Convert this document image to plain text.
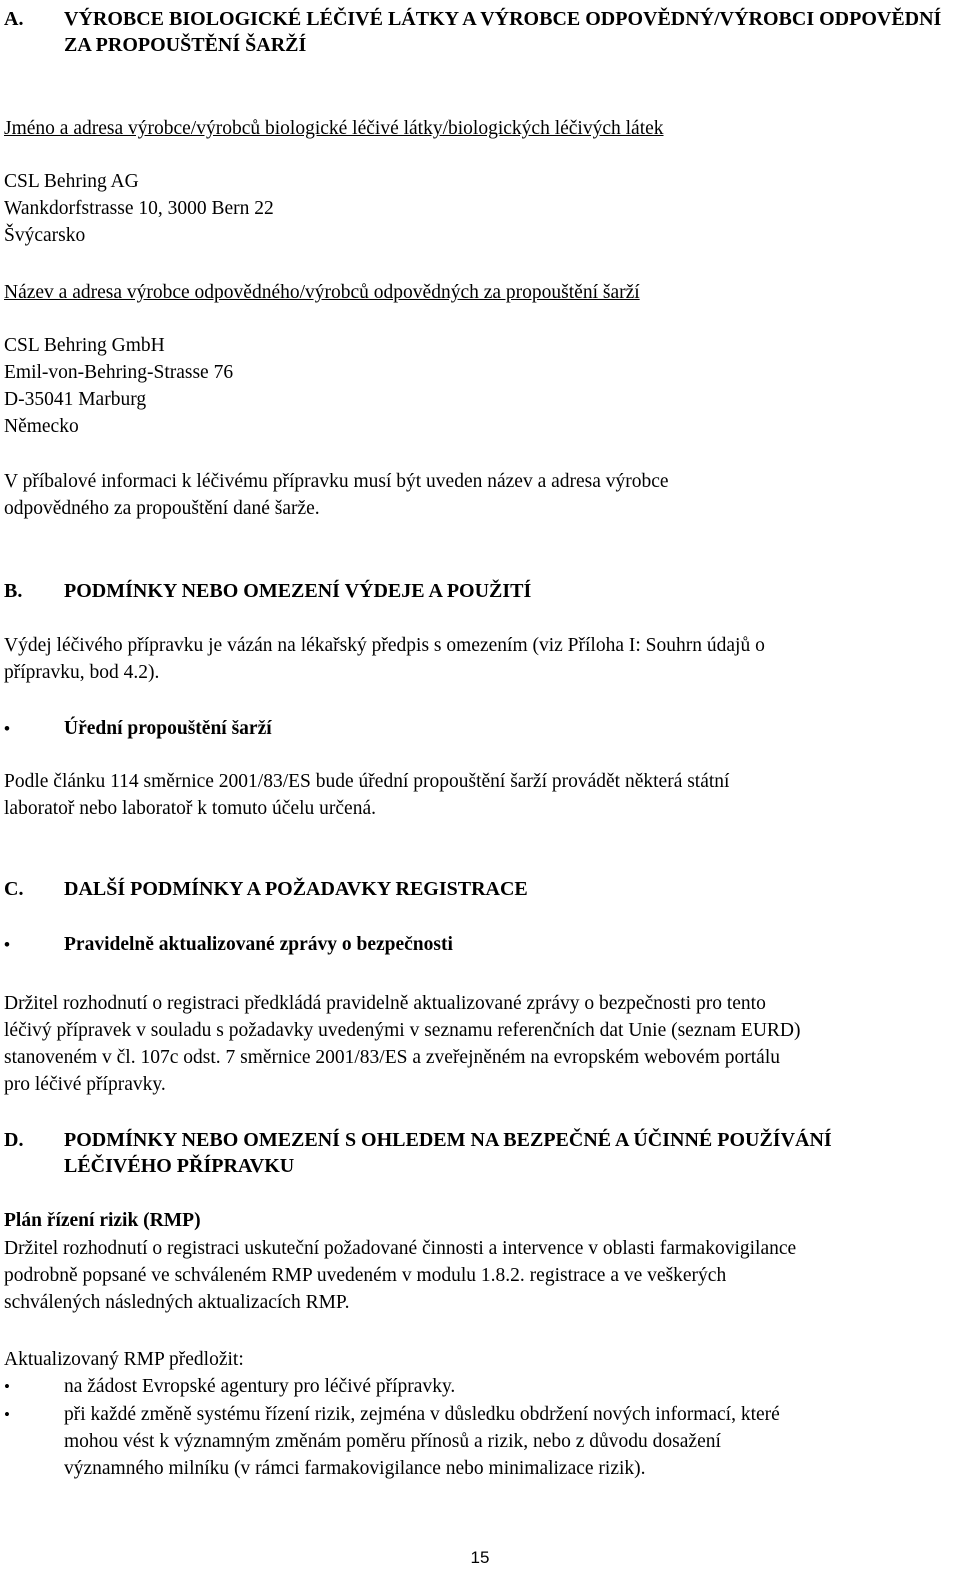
A. VÝROBCE BIOLOGICKÉ LÉČIVÉ LÁTKY A VÝROBCE ODPOVĚDNÝ/VÝROBCI ODPOVĚDNÍ ZA PROPOUŠTĚNÍ ŠARŽÍ

Jméno a adresa výrobce/výrobců biologické léčivé látky/biologických léčivých látek

CSL Behring AG
Wankdorfstrasse 10, 3000 Bern 22
Švýcarsko

Název a adresa výrobce odpovědného/výrobců odpovědných za propouštění šarží

CSL Behring GmbH
Emil-von-Behring-Strasse 76
D-35041 Marburg
Německo
V příbalové informaci k léčivému přípravku musí být uveden název a adresa výrobce
odpovědného za propouštění dané šarže.
B. PODMÍNKY NEBO OMEZENÍ VÝDEJE A POUŽITÍ
Výdej léčivého přípravku je vázán na lékařský předpis s omezením (viz Příloha I: Souhrn údajů o
přípravku, bod 4.2).
•	Úřední propouštění šarží
Podle článku 114 směrnice 2001/83/ES bude úřední propouštění šarží provádět některá státní
laboratoř nebo laboratoř k tomuto účelu určená.
C. DALŠÍ PODMÍNKY A POŽADAVKY REGISTRACE
•	Pravidelně aktualizované zprávy o bezpečnosti
Držitel rozhodnutí o registraci předkládá pravidelně aktualizované zprávy o bezpečnosti pro tento
léčivý přípravek v souladu s požadavky uvedenými v seznamu referenčních dat Unie (seznam EURD)
stanoveném v čl. 107c odst. 7 směrnice 2001/83/ES a zveřejněném na evropském webovém portálu
pro léčivé přípravky.
D. PODMÍNKY NEBO OMEZENÍ S OHLEDEM NA BEZPEČNÉ A ÚČINNÉ POUŽÍVÁNÍ
LÉČIVÉHO PŘÍPRAVKU

Plán řízení rizik (RMP)

Držitel rozhodnutí o registraci uskuteční požadované činnosti a intervence v oblasti farmakovigilance
podrobně popsané ve schváleném RMP uvedeném v modulu 1.8.2. registrace a ve veškerých
schválených následných aktualizacích RMP.

Aktualizovaný RMP předložit:

•	na žádost Evropské agentury pro léčivé přípravky.
•	při každé změně systému řízení rizik, zejména v důsledku obdržení nových informací, které
mohou vést k významným změnám poměru přínosů a rizik, nebo z důvodu dosažení
významného milníku (v rámci farmakovigilance nebo minimalizace rizik).
15
